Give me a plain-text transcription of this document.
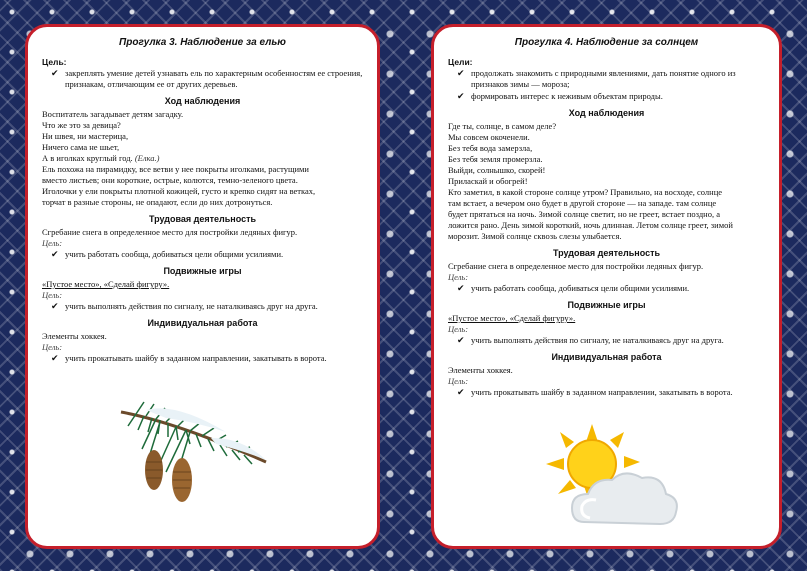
Прогулка 3. Наблюдение за елью
Цель:
✔ закреплять умение детей узнавать ель по характерным особенностям ее строения, признакам, отличающим ее от других деревьев.
Ход наблюдения
Воспитатель загадывает детям загадку.
Что же это за девица?
Ни швея, ни мастерица,
Ничего сама не шьет,
А в иголках круглый год. (Елка.)
Ель похожа на пирамидку, все ветви у нее покрыты иголками, растущими
вместо листьев; они короткие, острые, колются, темно-зеленого цвета.
Иголочки у ели покрыты плотной кожицей, густо и крепко сидят на ветках,
торчат в разные стороны, не опадают, если до них дотронуться.
Трудовая деятельность
Сгребание снега в определенное место для постройки ледяных фигур.
Цель:
✔ учить работать сообща, добиваться цели общими усилиями.
Подвижные игры
«Пустое место», «Сделай фигуру».
Цель:
✔ учить выполнять действия по сигналу, не наталкиваясь друг на друга.
Индивидуальная работа
Элементы хоккея.
Цель:
✔ учить прокатывать шайбу в заданном направлении, закатывать в ворота.
Прогулка 4. Наблюдение за солнцем
Цели:
✔ продолжать знакомить с природными явлениями, дать понятие одного из признаков зимы — мороза;
✔ формировать интерес к неживым объектам природы.
Ход наблюдения
Где ты, солнце, в самом деле?
Мы совсем окоченели.
Без тебя вода замерзла,
Без тебя земля промерзла.
Выйди, солнышко, скорей!
Приласкай и обогрей!
Кто заметил, в какой стороне солнце утром? Правильно, на восходе, солнце
там встает, а вечером оно будет в другой стороне — на западе. там солнце
будет прятаться на ночь. Зимой солнце светит, но не греет, встает поздно, а
ложится рано. День зимой короткий, ночь длинная. Летом солнце греет, зимой
морозит. Зимой солнце сквозь слезы улыбается.
Трудовая деятельность
Сгребание снега в определенное место для постройки ледяных фигур.
Цель:
✔ учить работать сообща, добиваться цели общими усилиями.
Подвижные игры
«Пустое место», «Сделай фигуру».
Цель:
✔ учить выполнять действия по сигналу, не наталкиваясь друг на друга.
Индивидуальная работа
Элементы хоккея.
Цель:
✔ учить прокатывать шайбу в заданном направлении, закатывать в ворота.
